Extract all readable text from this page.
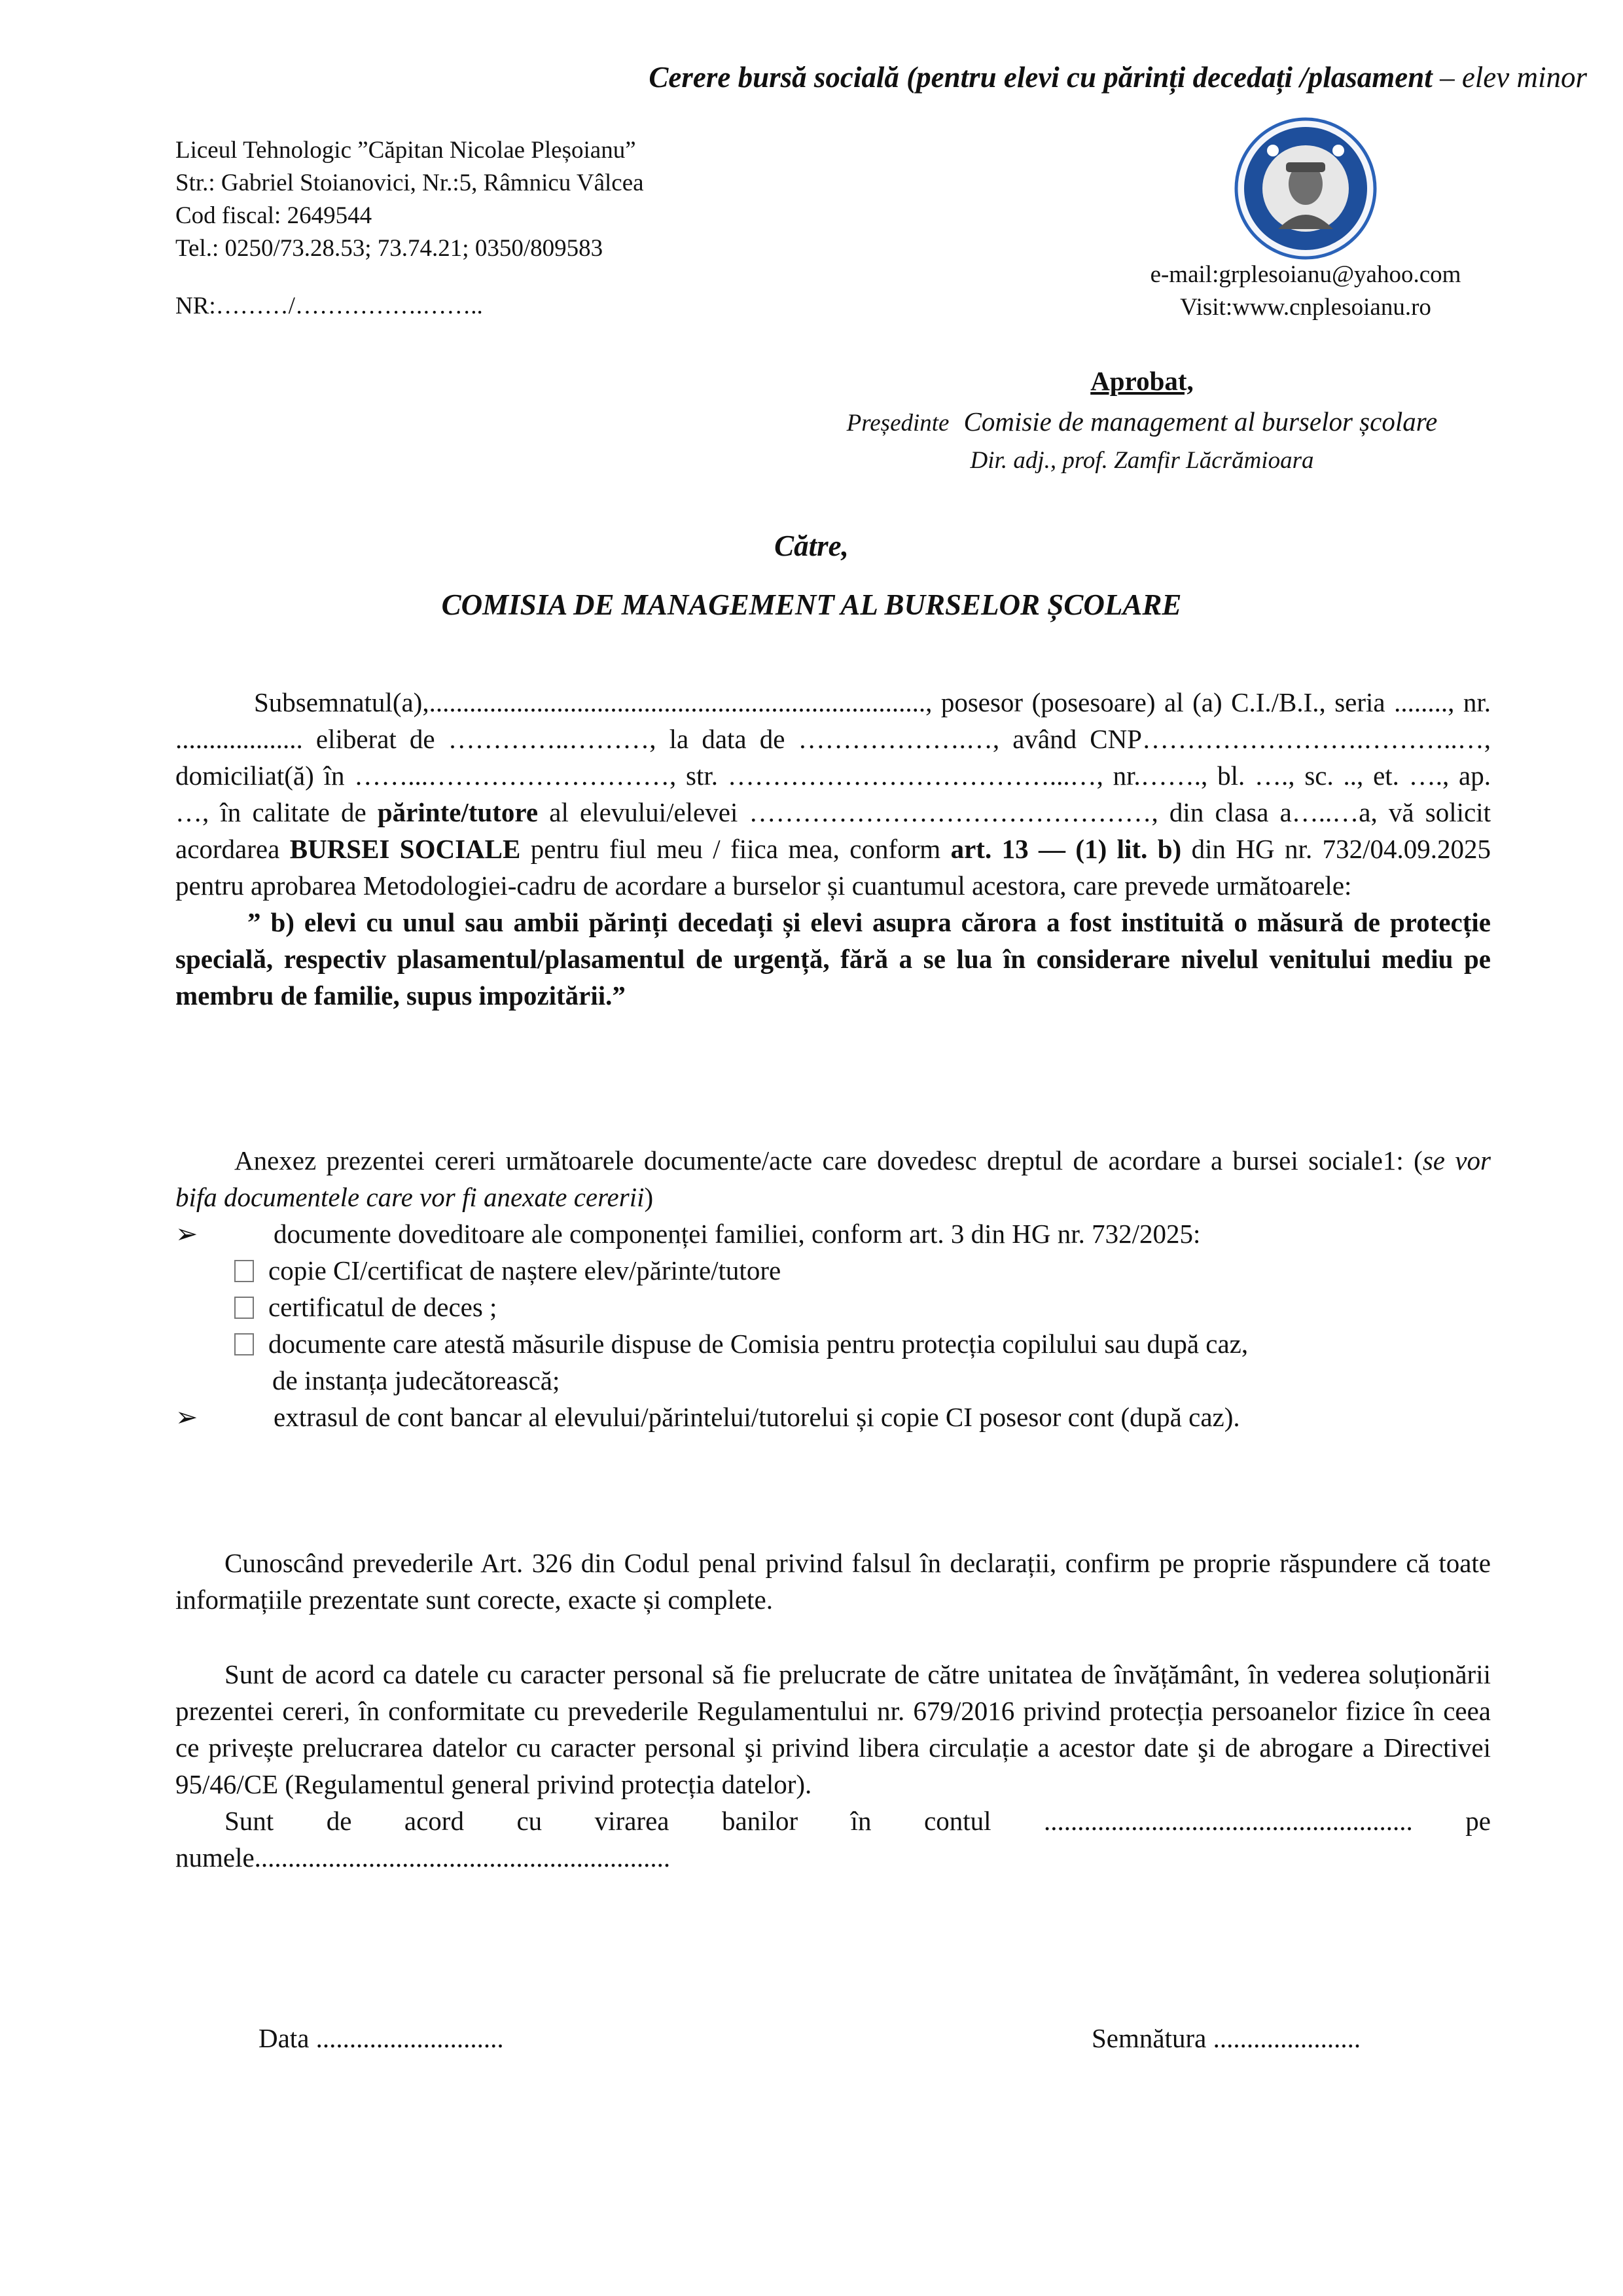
Cerere bursă socială (pentru elevi cu părinți decedați /plasament – elev minor
Liceul Tehnologic ”Căpitan Nicolae Pleșoianu”
Str.: Gabriel Stoianovici, Nr.:5, Râmnicu Vâlcea
Cod fiscal: 2649544
Tel.: 0250/73.28.53; 73.74.21; 0350/809583
e-mail:grplesoianu@yahoo.com
Visit:www.cnplesoianu.ro
NR:………/…………….……..
Aprobat,
Președinte Comisie de management al burselor școlare
Dir. adj., prof. Zamfir Lăcrămioara
Către,
COMISIA DE MANAGEMENT AL BURSELOR ȘCOLARE
Subsemnatul(a),.........................................................................., posesor (posesoare) al (a) C.I./B.I., seria ........, nr. ................... eliberat de …………..………, la data de ……………….…, având CNP…………………….………..…, domiciliat(ă) în ……...………………………, str. ………………………………...…, nr.……., bl. …., sc. .., et. …., ap. …, în calitate de părinte/tutore al elevului/elevei ………………………………………, din clasa a…..…a, vă solicit acordarea BURSEI SOCIALE pentru fiul meu / fiica mea, conform art. 13 — (1) lit. b) din HG nr. 732/04.09.2025 pentru aprobarea Metodologiei-cadru de acordare a burselor și cuantumul acestora, care prevede următoarele:
” b) elevi cu unul sau ambii părinți decedați și elevi asupra cărora a fost instituită o măsură de protecție specială, respectiv plasamentul/plasamentul de urgență, fără a se lua în considerare nivelul venitului mediu pe membru de familie, supus impozitării.”
Anexez prezentei cereri următoarele documente/acte care dovedesc dreptul de acordare a bursei sociale1: (se vor bifa documentele care vor fi anexate cererii)
➢	documente doveditoare ale componenței familiei, conform art. 3 din HG nr. 732/2025:
copie CI/certificat de naștere elev/părinte/tutore
certificatul de deces ;
documente care atestă măsurile dispuse de Comisia pentru protecția copilului sau după caz,
de instanța judecătorească;
➢	extrasul de cont bancar al elevului/părintelui/tutorelui și copie CI posesor cont (după caz).
Cunoscând prevederile Art. 326 din Codul penal privind falsul în declarații, confirm pe proprie răspundere că toate informațiile prezentate sunt corecte, exacte și complete.
Sunt de acord ca datele cu caracter personal să fie prelucrate de către unitatea de învățământ, în vederea soluționării prezentei cereri, în conformitate cu prevederile Regulamentului nr. 679/2016 privind protecția persoanelor fizice în ceea ce privește prelucrarea datelor cu caracter personal şi privind libera circulație a acestor date şi de abrogare a Directivei 95/46/CE (Regulamentul general privind protecția datelor).
Sunt de acord cu virarea banilor în contul ....................................................... pe numele..............................................................
Data ............................	Semnătura ......................
